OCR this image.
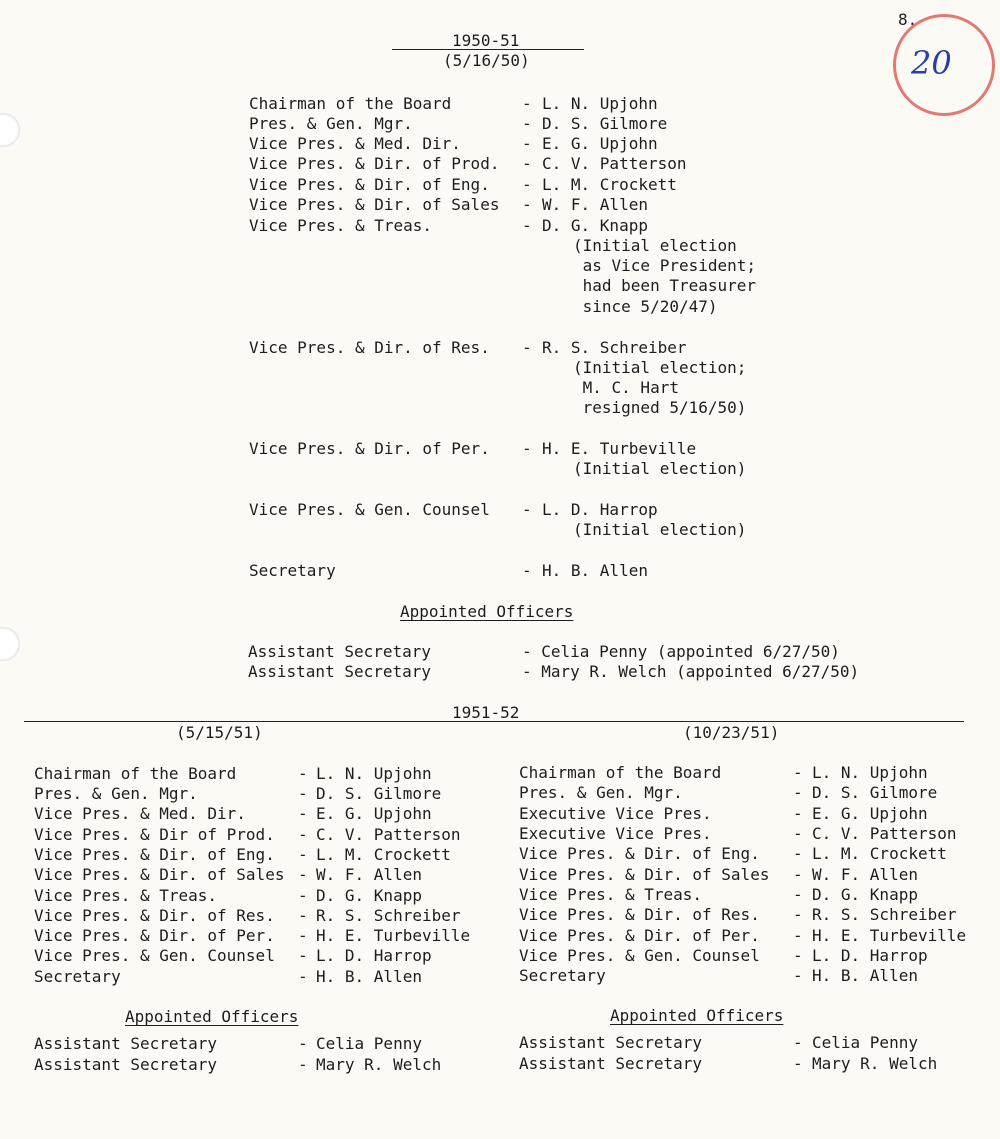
8.
20
1950-51
(5/16/50)
Chairman of the Board	- L. N. Upjohn
Pres. & Gen. Mgr.	- D. S. Gilmore
Vice Pres. & Med. Dir.	- E. G. Upjohn
Vice Pres. & Dir. of Prod. - C. V. Patterson
Vice Pres. & Dir. of Eng. - L. M. Crockett
Vice Pres. & Dir. of Sales - W. F. Allen
Vice Pres. & Treas.	- D. G. Knapp
(Initial election
as Vice President;
had been Treasurer
since 5/20/47)
Vice Pres. & Dir. of Res. - R. S. Schreiber
(Initial election;
M. C. Hart
resigned 5/16/50)
Vice Pres. & Dir. of Per. - H. E. Turbeville
(Initial election)
Vice Pres. & Gen. Counsel - L. D. Harrop
(Initial election)
Secretary	- H. B. Allen
Appointed Officers
Assistant Secretary	- Celia Penny (appointed 6/27/50)
Assistant Secretary	- Mary R. Welch (appointed 6/27/50)
1951-52
(5/15/51)	(10/23/51)
Chairman of the Board	- L. N. Upjohn
Pres. & Gen. Mgr.	- D. S. Gilmore
Vice Pres. & Med. Dir.	- E. G. Upjohn
Vice Pres. & Dir of Prod. - C. V. Patterson
Vice Pres. & Dir. of Eng. - L. M. Crockett
Vice Pres. & Dir. of Sales - W. F. Allen
Vice Pres. & Treas.	- D. G. Knapp
Vice Pres. & Dir. of Res. - R. S. Schreiber
Vice Pres. & Dir. of Per. - H. E. Turbeville
Vice Pres. & Gen. Counsel - L. D. Harrop
Secretary	- H. B. Allen
Appointed Officers
Assistant Secretary	- Celia Penny
Assistant Secretary	- Mary R. Welch
Chairman of the Board	- L. N. Upjohn
Pres. & Gen. Mgr.	- D. S. Gilmore
Executive Vice Pres.	- E. G. Upjohn
Executive Vice Pres.	- C. V. Patterson
Vice Pres. & Dir. of Eng. - L. M. Crockett
Vice Pres. & Dir. of Sales - W. F. Allen
Vice Pres. & Treas.	- D. G. Knapp
Vice Pres. & Dir. of Res. - R. S. Schreiber
Vice Pres. & Dir. of Per. - H. E. Turbeville
Vice Pres. & Gen. Counsel - L. D. Harrop
Secretary	- H. B. Allen
Appointed Officers
Assistant Secretary	- Celia Penny
Assistant Secretary	- Mary R. Welch
